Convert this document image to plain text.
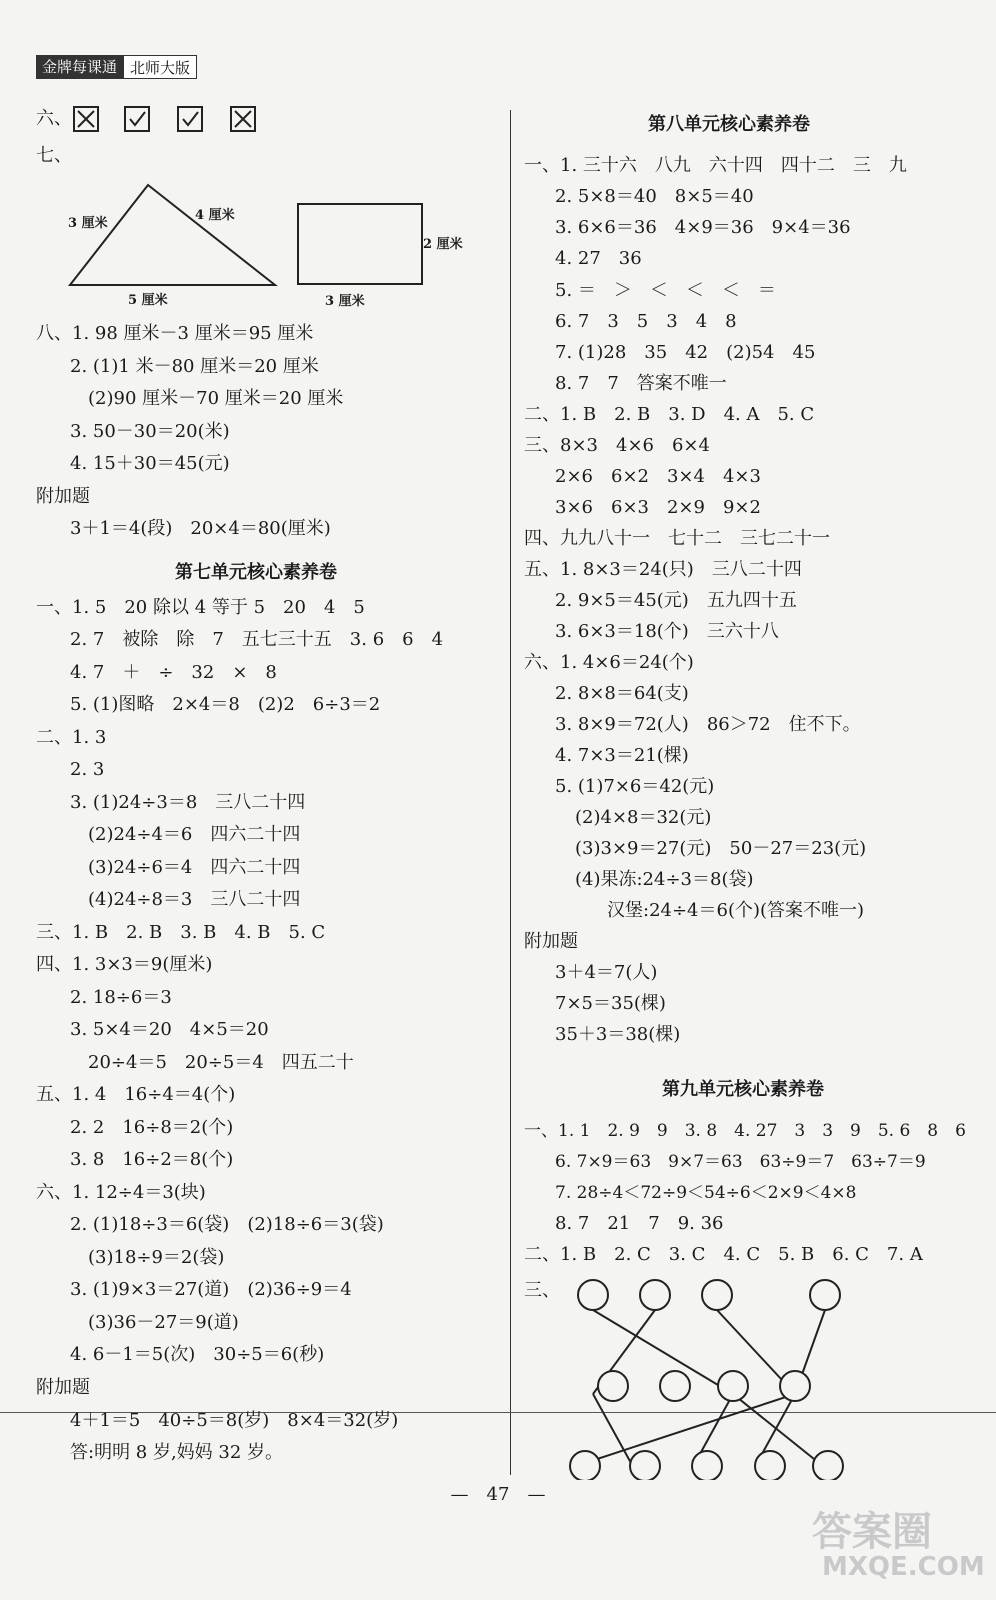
金牌每课通 北师大版
六、
七、
3 厘米
4 厘米
5 厘米
2 厘米
3 厘米
八、1. 98 厘米－3 厘米＝95 厘米
2. (1)1 米－80 厘米＝20 厘米
(2)90 厘米－70 厘米＝20 厘米
3. 50－30＝20(米)
4. 15＋30＝45(元)
附加题
3＋1＝4(段)　20×4＝80(厘米)
第七单元核心素养卷
一、1. 5　20 除以 4 等于 5　20　4　5
2. 7　被除　除　7　五七三十五　3. 6　6　4
4. 7　＋　÷　32　×　8
5. (1)图略　2×4＝8　(2)2　6÷3＝2
二、1. 3
2. 3
3. (1)24÷3＝8　三八二十四
(2)24÷4＝6　四六二十四
(3)24÷6＝4　四六二十四
(4)24÷8＝3　三八二十四
三、1. B　2. B　3. B　4. B　5. C
四、1. 3×3＝9(厘米)
2. 18÷6＝3
3. 5×4＝20　4×5＝20
20÷4＝5　20÷5＝4　四五二十
五、1. 4　16÷4＝4(个)
2. 2　16÷8＝2(个)
3. 8　16÷2＝8(个)
六、1. 12÷4＝3(块)
2. (1)18÷3＝6(袋)　(2)18÷6＝3(袋)
(3)18÷9＝2(袋)
3. (1)9×3＝27(道)　(2)36÷9＝4
(3)36－27＝9(道)
4. 6－1＝5(次)　30÷5＝6(秒)
附加题
4＋1＝5　40÷5＝8(岁)　8×4＝32(岁)
答:明明 8 岁,妈妈 32 岁。
第八单元核心素养卷
一、1. 三十六　八九　六十四　四十二　三　九
2. 5×8＝40　8×5＝40
3. 6×6＝36　4×9＝36　9×4＝36
4. 27　36
5. ＝　＞　＜　＜　＜　＝
6. 7　3　5　3　4　8
7. (1)28　35　42　(2)54　45
8. 7　7　答案不唯一
二、1. B　2. B　3. D　4. A　5. C
三、8×3　4×6　6×4
2×6　6×2　3×4　4×3
3×6　6×3　2×9　9×2
四、九九八十一　七十二　三七二十一
五、1. 8×3＝24(只)　三八二十四
2. 9×5＝45(元)　五九四十五
3. 6×3＝18(个)　三六十八
六、1. 4×6＝24(个)
2. 8×8＝64(支)
3. 8×9＝72(人)　86＞72　住不下。
4. 7×3＝21(棵)
5. (1)7×6＝42(元)
(2)4×8＝32(元)
(3)3×9＝27(元)　50－27＝23(元)
(4)果冻:24÷3＝8(袋)
汉堡:24÷4＝6(个)(答案不唯一)
附加题
3＋4＝7(人)
7×5＝35(棵)
35＋3＝38(棵)
第九单元核心素养卷
一、1. 1　2. 9　9　3. 8　4. 27　3　3　9　5. 6　8　6
6. 7×9＝63　9×7＝63　63÷9＝7　63÷7＝9
7. 28÷4＜72÷9＜54÷6＜2×9＜4×8
8. 7　21　7　9. 36
二、1. B　2. C　3. C　4. C　5. B　6. C　7. A
三、
—　47　—
答案圈
MXQE.COM
